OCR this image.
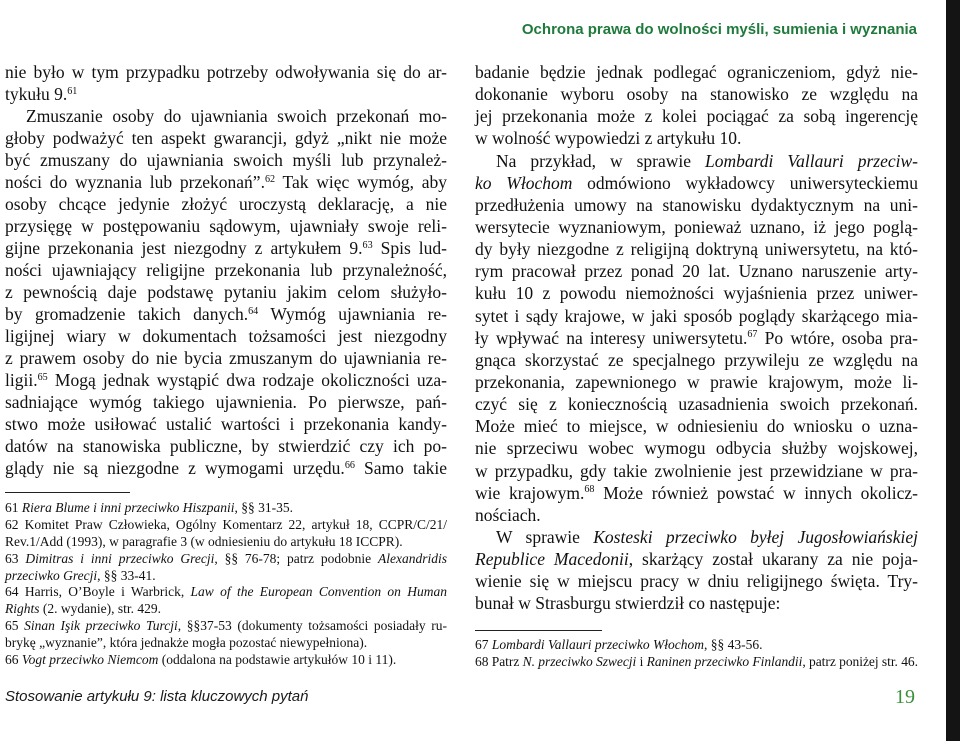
Ochrona prawa do wolności myśli, sumienia i wyznania
nie było w tym przypadku potrzeby odwoływania się do ar-
tykułu 9.61
Zmuszanie osoby do ujawniania swoich przekonań mo-
głoby podważyć ten aspekt gwarancji, gdyż „nikt nie może
być zmuszany do ujawniania swoich myśli lub przynależ-
ności do wyznania lub przekonań”.$^{62}$ Tak więc wymóg, aby
osoby chcące jedynie złożyć uroczystą deklarację, a nie
przysięgę w postępowaniu sądowym, ujawniały swoje reli-
gijne przekonania jest niezgodny z artykułem 9.63 Spis lud-
ności ujawniający religijne przekonania lub przynależność,
z pewnością daje podstawę pytaniu jakim celom służyło-
by gromadzenie takich danych.$^{64}$ Wymóg ujawniania re-
ligijnej wiary w dokumentach tożsamości jest niezgodny
z prawem osoby do nie bycia zmuszanym do ujawniania re-
ligii.$^{65}$ Mogą jednak wystąpić dwa rodzaje okoliczności uza-
sadniające wymóg takiego ujawnienia. Po pierwsze, pań-
stwo może usiłować ustalić wartości i przekonania kandy-
datów na stanowiska publiczne, by stwierdzić czy ich po-
glądy nie są niezgodne z wymogami urzędu.$^{66}$ Samo takie
61 Riera Blume i inni przeciwko Hiszpanii, §§ 31-35.
62 Komitet Praw Człowieka, Ogólny Komentarz 22, artykuł 18, CCPR/C/21/
Rev.1/Add (1993), w paragrafie 3 (w odniesieniu do artykułu 18 ICCPR).
63 Dimitras i inni przeciwko Grecji, §§ 76-78; patrz podobnie Alexandridis
przeciwko Grecji, §§ 33-41.
64 Harris, O’Boyle i Warbrick, Law of the European Convention on Human
Rights (2. wydanie), str. 429.
65 Sinan Işik przeciwko Turcji, §§37-53 (dokumenty tożsamości posiadały ru-
brykę „wyznanie”, która jednakże mogła pozostać niewypełniona).
66 Vogt przeciwko Niemcom (oddalona na podstawie artykułów 10 i 11).
badanie będzie jednak podlegać ograniczeniom, gdyż nie-
dokonanie wyboru osoby na stanowisko ze względu na
jej przekonania może z kolei pociągać za sobą ingerencję
w wolność wypowiedzi z artykułu 10.
Na przykład, w sprawie Lombardi Vallauri przeciw-
ko Włochom odmówiono wykładowcy uniwersyteckiemu
przedłużenia umowy na stanowisku dydaktycznym na uni-
wersytecie wyznaniowym, ponieważ uznano, iż jego poglą-
dy były niezgodne z religijną doktryną uniwersytetu, na któ-
rym pracował przez ponad 20 lat. Uznano naruszenie arty-
kułu 10 z powodu niemożności wyjaśnienia przez uniwer-
sytet i sądy krajowe, w jaki sposób poglądy skarżącego mia-
ły wpływać na interesy uniwersytetu.$^{67}$ Po wtóre, osoba pra-
gnąca skorzystać ze specjalnego przywileju ze względu na
przekonania, zapewnionego w prawie krajowym, może li-
czyć się z koniecznością uzasadnienia swoich przekonań.
Może mieć to miejsce, w odniesieniu do wniosku o uzna-
nie sprzeciwu wobec wymogu odbycia służby wojskowej,
w przypadku, gdy takie zwolnienie jest przewidziane w pra-
wie krajowym.$^{68}$ Może również powstać w innych okolicz-
nościach.
W sprawie Kosteski przeciwko byłej Jugosłowiańskiej
Republice Macedonii, skarżący został ukarany za nie poja-
wienie się w miejscu pracy w dniu religijnego święta. Try-
bunał w Strasburgu stwierdził co następuje:
67 Lombardi Vallauri przeciwko Włochom, §§ 43-56.
68 Patrz N. przeciwko Szwecji i Raninen przeciwko Finlandii, patrz poniżej str. 46.
Stosowanie artykułu 9: lista kluczowych pytań	19
